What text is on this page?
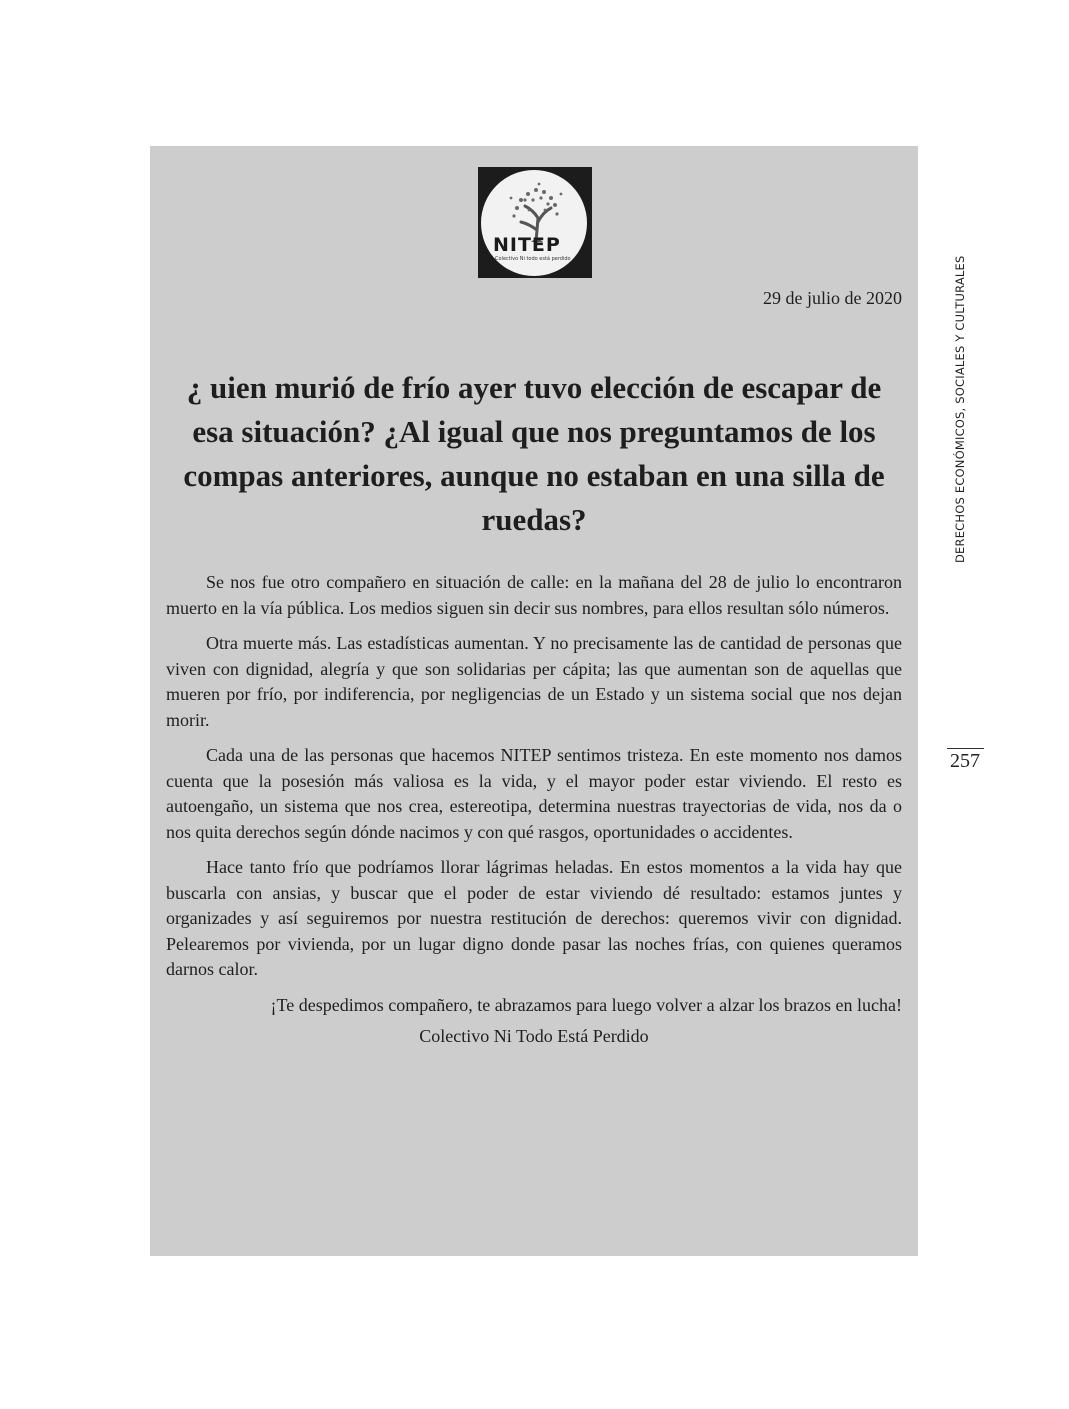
NITEP
Colectivo Ni todo está perdido
29 de julio de 2020
¿ uien murió de frío ayer tuvo elección de escapar de esa situación? ¿Al igual que nos preguntamos de los compas anteriores, aunque no estaban en una silla de ruedas?

Se nos fue otro compañero en situación de calle: en la mañana del 28 de julio lo encontraron muerto en la vía pública. Los medios siguen sin decir sus nombres, para ellos resultan sólo números.

Otra muerte más. Las estadísticas aumentan. Y no precisamente las de cantidad de personas que viven con dignidad, alegría y que son solidarias per cápita; las que aumentan son de aquellas que mueren por frío, por indiferencia, por negligencias de un Estado y un sistema social que nos dejan morir.

Cada una de las personas que hacemos NITEP sentimos tristeza. En este momento nos damos cuenta que la posesión más valiosa es la vida, y el mayor poder estar viviendo. El resto es autoengaño, un sistema que nos crea, estereotipa, determina nuestras trayectorias de vida, nos da o nos quita derechos según dónde nacimos y con qué rasgos, oportunidades o accidentes.

Hace tanto frío que podríamos llorar lágrimas heladas. En estos momentos a la vida hay que buscarla con ansias, y buscar que el poder de estar viviendo dé resultado: estamos juntes y organizades y así seguiremos por nuestra restitución de derechos: queremos vivir con dignidad. Pelearemos por vivienda, por un lugar digno donde pasar las noches frías, con quienes queramos darnos calor.

¡Te despedimos compañero, te abrazamos para luego volver a alzar los brazos en lucha!

Colectivo Ni Todo Está Perdido

DERECHOS ECONÓMICOS, SOCIALES Y CULTURALES
257
